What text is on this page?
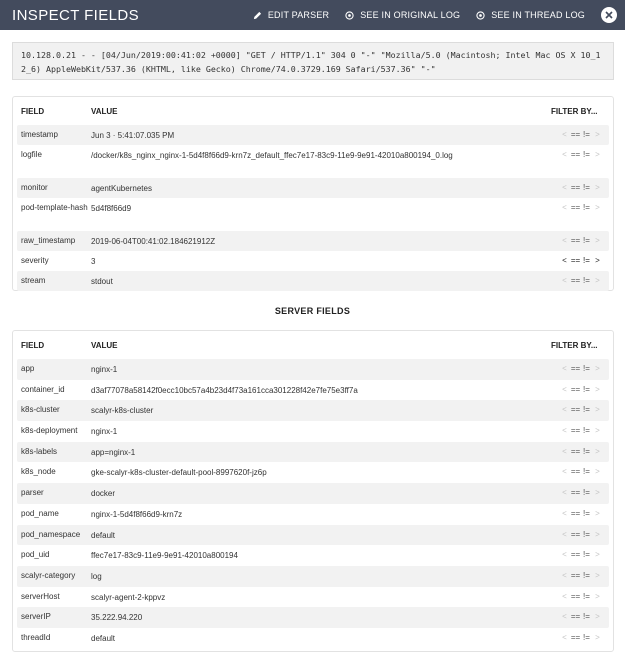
INSPECT FIELDS	EDIT PARSER	SEE IN ORIGINAL LOG	SEE IN THREAD LOG
10.128.0.21 - - [04/Jun/2019:00:41:02 +0000] "GET / HTTP/1.1" 304 0 "-" "Mozilla/5.0 (Macintosh; Intel Mac OS X 10_12_6) AppleWebKit/537.36 (KHTML, like Gecko) Chrome/74.0.3729.169 Safari/537.36" "-"
FIELD	VALUE	FILTER BY...
timestamp	Jun 3 · 5:41:07.035 PM	< == != >
logfile	/docker/k8s_nginx_nginx-1-5d4f8f66d9-krn7z_default_ffec7e17-83c9-11e9-9e91-42010a800194_0.log	< == != >
monitor	agentKubernetes	< == != >
pod-template-hash 5d4f8f66d9	< == != >
raw_timestamp	2019-06-04T00:41:02.184621912Z	< == != >
severity	3	< == != >
stream	stdout	< == != >
SERVER FIELDS
FIELD	VALUE	FILTER BY...
app	nginx-1	< == != >
container_id	d3af77078a58142f0ecc10bc57a4b23d4f73a161cca301228f42e7fe75e3ff7a	< == != >
k8s-cluster	scalyr-k8s-cluster	< == != >
k8s-deployment	nginx-1	< == != >
k8s-labels	app=nginx-1	< == != >
k8s_node	gke-scalyr-k8s-cluster-default-pool-8997620f-jz6p	< == != >
parser	docker	< == != >
pod_name	nginx-1-5d4f8f66d9-krn7z	< == != >
pod_namespace	default	< == != >
pod_uid	ffec7e17-83c9-11e9-9e91-42010a800194	< == != >
scalyr-category	log	< == != >
serverHost	scalyr-agent-2-kppvz	< == != >
serverIP	35.222.94.220	< == != >
threadId	default	< == != >
